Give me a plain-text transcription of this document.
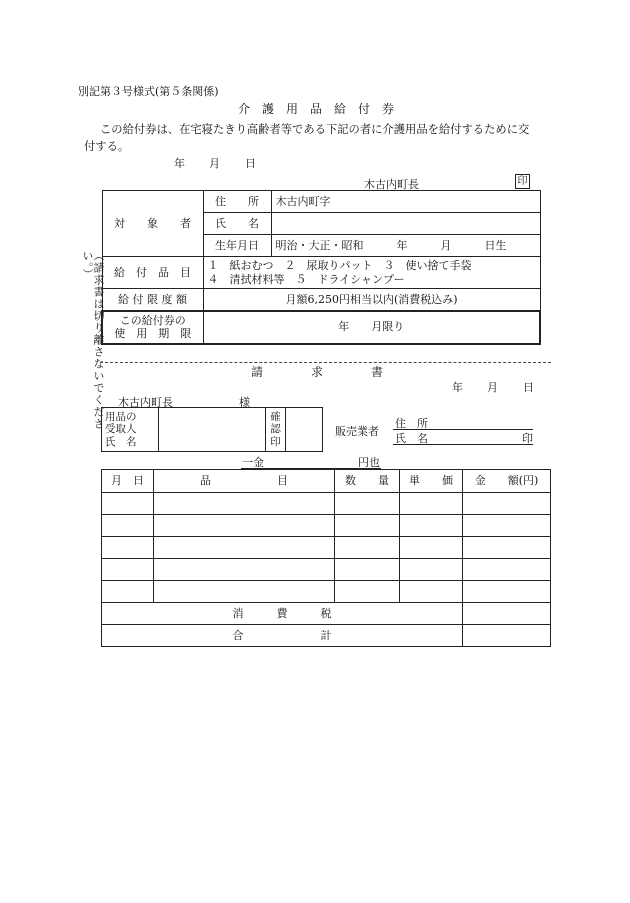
別記第３号様式(第５条関係)
介　護　用　品　給　付　券
この給付券は、在宅寝たきり高齢者等である下記の者に介護用品を給付するために交
付する。
年 月 日
木古内町長	印
（請求書は切り離さないでください。）
対　　象　　者	住　　所	木古内町字
	氏　　名	
	生年月日	明治・大正・昭和　　　年　　　月　　　日生
給　付　品　目	１　紙おむつ　２　尿取りパット　３　使い捨て手袋
４　清拭材料等　５　ドライシャンプー	

給 付 限 度 額	月額6,250円相当以内(消費税込み)	

この給付券の
使　用　期　限	年　　月限り	
請　　　　求　　　　書
年 月 日
木古内町長　　　　　　様
用品の
受取人
氏　名

確
認
印

販売業者
住　所
氏　名	印
一金	円也
月　日	品　　　　　　目	数　　量	単　　価	金　　額(円)

消　　　費　　　税				
合　　　　　　　計				
